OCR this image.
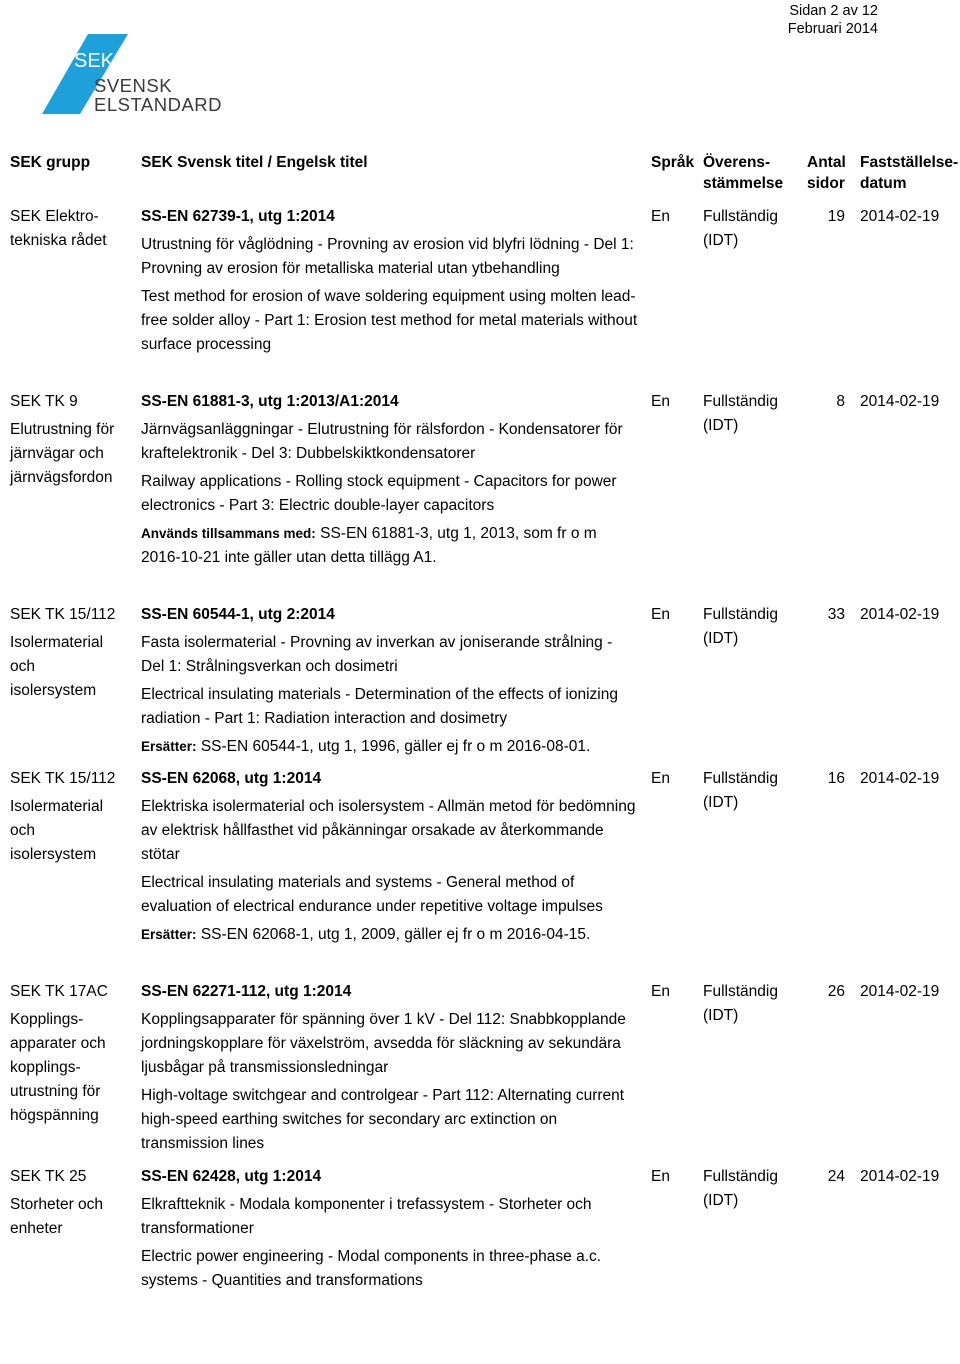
Sidan 2 av 12
Februari 2014
SEK
SVENSK
ELSTANDARD
SEK grupp	SEK Svensk titel / Engelsk titel	Språk Överens-
stämmelse
Antal
sidor
Fastställelse-
datum
SEK Elektro-
tekniska rådet
SS-EN 62739-1, utg 1:2014

Utrustning för våglödning - Provning av erosion vid blyfri lödning - Del 1: Provning av erosion för metalliska material utan ytbehandling

Test method for erosion of wave soldering equipment using molten lead-free solder alloy - Part 1: Erosion test method for metal materials without surface processing

En Fullständig
(IDT)
19 2014-02-19
SEK TK 9
Elutrustning för järnvägar och järnvägsfordon
SS-EN 61881-3, utg 1:2013/A1:2014

Järnvägsanläggningar - Elutrustning för rälsfordon - Kondensatorer för kraftelektronik - Del 3: Dubbelskiktkondensatorer

Railway applications - Rolling stock equipment - Capacitors for power electronics - Part 3: Electric double-layer capacitors

Används tillsammans med: SS-EN 61881-3, utg 1, 2013, som fr o m 2016-10-21 inte gäller utan detta tillägg A1.

En Fullständig
(IDT)
8 2014-02-19
SEK TK 15/112
Isolermaterial och isolersystem
SS-EN 60544-1, utg 2:2014

Fasta isolermaterial - Provning av inverkan av joniserande strålning - Del 1: Strålningsverkan och dosimetri

Electrical insulating materials - Determination of the effects of ionizing radiation - Part 1: Radiation interaction and dosimetry

Ersätter: SS-EN 60544-1, utg 1, 1996, gäller ej fr o m 2016-08-01.

En Fullständig
(IDT)
33 2014-02-19
SEK TK 15/112
Isolermaterial och isolersystem
SS-EN 62068, utg 1:2014

Elektriska isolermaterial och isolersystem - Allmän metod för bedömning av elektrisk hållfasthet vid påkänningar orsakade av återkommande stötar

Electrical insulating materials and systems - General method of evaluation of electrical endurance under repetitive voltage impulses

Ersätter: SS-EN 62068-1, utg 1, 2009, gäller ej fr o m 2016-04-15.

En Fullständig
(IDT)
16 2014-02-19
SEK TK 17AC
Kopplings-apparater och kopplings-utrustning för högspänning
SS-EN 62271-112, utg 1:2014

Kopplingsapparater för spänning över 1 kV - Del 112: Snabbkopplande jordningskopplare för växelström, avsedda för släckning av sekundära ljusbågar på transmissionsledningar

High-voltage switchgear and controlgear - Part 112: Alternating current high-speed earthing switches for secondary arc extinction on transmission lines

En Fullständig
(IDT)
26 2014-02-19
SEK TK 25
Storheter och enheter
SS-EN 62428, utg 1:2014

Elkraftteknik - Modala komponenter i trefassystem - Storheter och transformationer

Electric power engineering - Modal components in three-phase a.c. systems - Quantities and transformations

En Fullständig
(IDT)
24 2014-02-19
